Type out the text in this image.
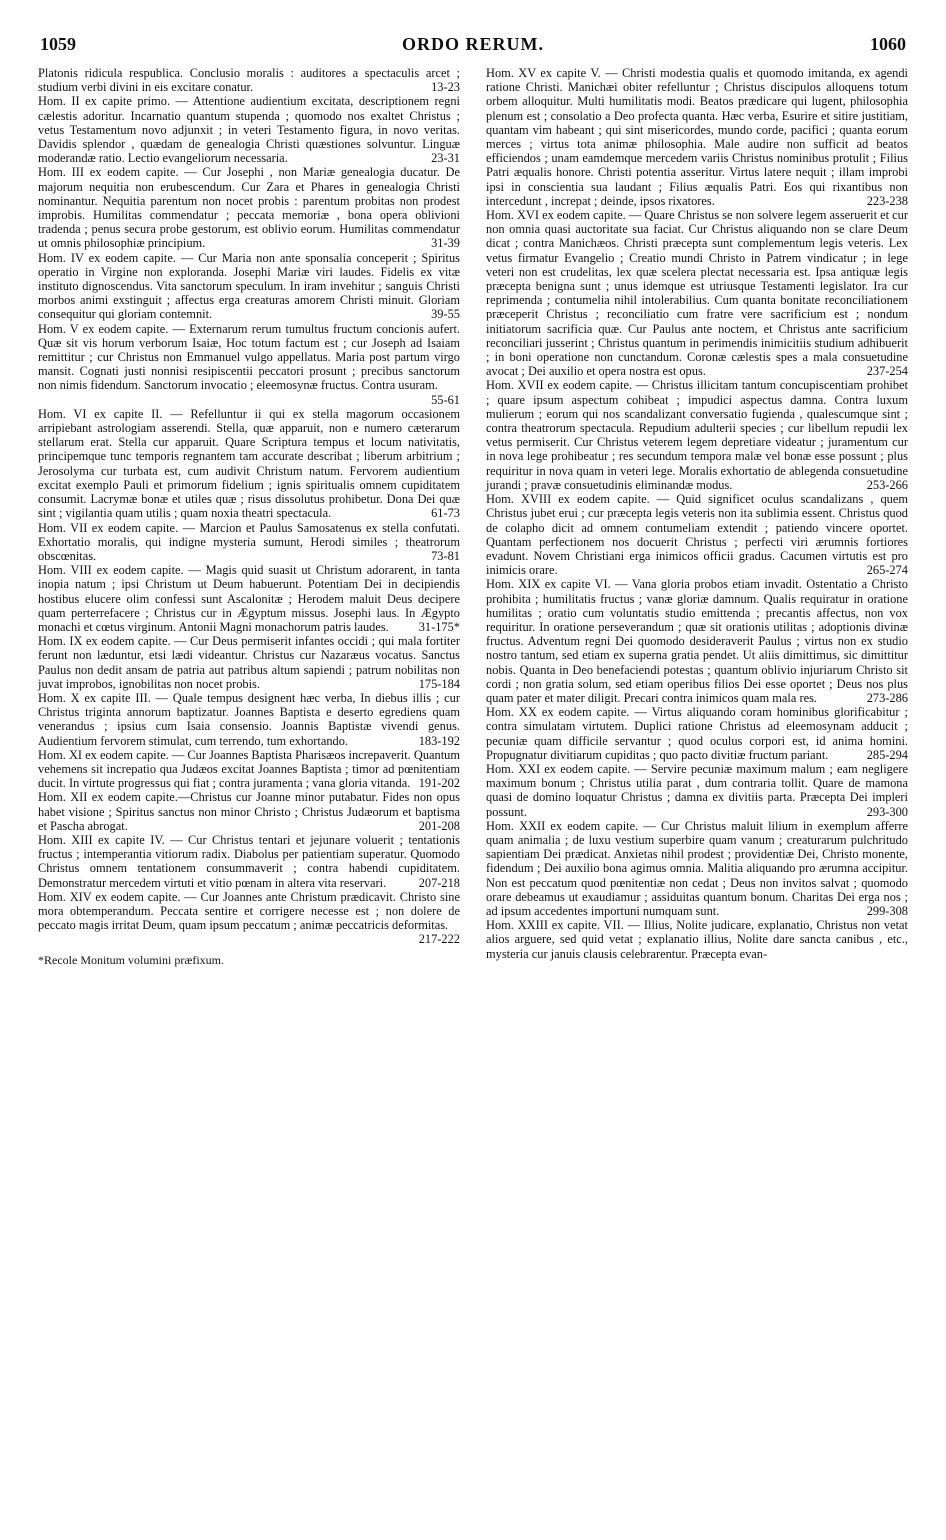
1059	ORDO RERUM.	1060

Platonis ridicula respublica. Conclusio moralis : auditores a spectaculis arcet ; studium verbi divini in eis excitare conatur.	13-23

Hom. II ex capite primo. — Attentione audientium excitata, descriptionem regni cælestis adoritur. Incarnatio quantum stupenda ; quomodo nos exaltet Christus ; vetus Testamentum novo adjunxit ; in veteri Testamento figura, in novo veritas. Davidis splendor , quædam de genealogia Christi quæstiones solvuntur. Linguæ moderandæ ratio. Lectio evangeliorum necessaria.	23-31

Hom. III ex eodem capite. — Cur Josephi , non Mariæ genealogia ducatur. De majorum nequitia non erubescendum. Cur Zara et Phares in genealogia Christi nominantur. Nequitia parentum non nocet probis : parentum probitas non prodest improbis. Humilitas commendatur ; peccata memoriæ , bona opera oblivioni tradenda ; penus secura probe gestorum, est oblivio eorum. Humilitas commendatur ut omnis philosophiæ principium.	31-39

Hom. IV ex eodem capite. — Cur Maria non ante sponsalia conceperit ; Spiritus operatio in Virgine non exploranda. Josephi Mariæ viri laudes. Fidelis ex vitæ instituto dignoscendus. Vita sanctorum speculum. In iram invehitur ; sanguis Christi morbos animi exstinguit ; affectus erga creaturas amorem Christi minuit. Gloriam consequitur qui gloriam contemnit.	39-55

Hom. V ex eodem capite. — Externarum rerum tumultus fructum concionis aufert. Quæ sit vis horum verborum Isaiæ, Hoc totum factum est ; cur Joseph ad Isaiam remittitur ; cur Christus non Emmanuel vulgo appellatus. Maria post partum virgo mansit. Cognati justi nonnisi resipiscentii peccatori prosunt ; precibus sanctorum non nimis fidendum. Sanctorum invocatio ; eleemosynæ fructus. Contra usuram.
55-61

Hom. VI ex capite II. — Refelluntur ii qui ex stella magorum occasionem arripiebant astrologiam asserendi. Stella, quæ apparuit, non e numero cæterarum stellarum erat. Stella cur apparuit. Quare Scriptura tempus et locum nativitatis, principemque tunc temporis regnantem tam accurate describat ; liberum arbitrium ; Jerosolyma cur turbata est, cum audivit Christum natum. Fervorem audientium excitat exemplo Pauli et primorum fidelium ; ignis spiritualis omnem cupiditatem consumit. Lacrymæ bonæ et utiles quæ ; risus dissolutus prohibetur. Dona Dei quæ sint ; vigilantia quam utilis ; quam noxia theatri spectacula.	61-73

Hom. VII ex eodem capite. — Marcion et Paulus Samosatenus ex stella confutati. Exhortatio moralis, qui indigne mysteria sumunt, Herodi similes ; theatrorum obscœnitas.	73-81

Hom. VIII ex eodem capite. — Magis quid suasit ut Christum adorarent, in tanta inopia natum ; ipsi Christum ut Deum habuerunt. Potentiam Dei in decipiendis hostibus elucere olim confessi sunt Ascalonitæ ; Herodem maluit Deus decipere quam perterrefacere ; Christus cur in Ægyptum missus. Josephi laus. In Ægypto monachi et cœtus virginum. Antonii Magni monachorum patris laudes.	31-175*

Hom. IX ex eodem capite. — Cur Deus permiserit infantes occidi ; qui mala fortiter ferunt non læduntur, etsi lædi videantur. Christus cur Nazaræus vocatus. Sanctus Paulus non dedit ansam de patria aut patribus altum sapiendi ; patrum nobilitas non juvat improbos, ignobilitas non nocet probis.	175-184

Hom. X ex capite III. — Quale tempus designent hæc verba, In diebus illis ; cur Christus triginta annorum baptizatur. Joannes Baptista e deserto egrediens quam venerandus ; ipsius cum Isaia consensio. Joannis Baptistæ vivendi genus. Audientium fervorem stimulat, cum terrendo, tum exhortando.	183-192

Hom. XI ex eodem capite. — Cur Joannes Baptista Pharisæos increpaverit. Quantum vehemens sit increpatio qua Judæos excitat Joannes Baptista ; timor ad pœnitentiam ducit. In virtute progressus qui fiat ; contra juramenta ; vana gloria vitanda. 191-202

Hom. XII ex eodem capite.—Christus cur Joanne minor putabatur. Fides non opus habet visione ; Spiritus sanctus non minor Christo ; Christus Judæorum et baptisma et Pascha abrogat.	201-208

Hom. XIII ex capite IV. — Cur Christus tentari et jejunare voluerit ; tentationis fructus ; intemperantia vitiorum radix. Diabolus per patientiam superatur. Quomodo Christus omnem tentationem consummaverit ; contra habendi cupiditatem. Demonstratur mercedem virtuti et vitio pœnam in altera vita reservari.	207-218

Hom. XIV ex eodem capite. — Cur Joannes ante Christum prædicavit. Christo sine mora obtemperandum. Peccata sentire et corrigere necesse est ; non dolere de peccato magis irritat Deum, quam ipsum peccatum ; animæ peccatricis deformitas.
217-222

*Recole Monitum volumini præfixum.

Hom. XV ex capite V. — Christi modestia qualis et quomodo imitanda, ex agendi ratione Christi. Manichæi obiter refelluntur ; Christus discipulos alloquens totum orbem alloquitur. Multi humilitatis modi. Beatos prædicare qui lugent, philosophia plenum est ; consolatio a Deo profecta quanta. Hæc verba, Esurire et sitire justitiam, quantam vim habeant ; qui sint misericordes, mundo corde, pacifici ; quanta eorum merces ; virtus tota animæ philosophia. Male audire non sufficit ad beatos efficiendos ; unam eamdemque mercedem variis Christus nominibus protulit ; Filius Patri æqualis honore. Christi potentia asseritur. Virtus latere nequit ; illam improbi ipsi in conscientia sua laudant ; Filius æqualis Patri. Eos qui rixantibus non intercedunt , increpat ; deinde, ipsos rixatores.	223-238

Hom. XVI ex eodem capite. — Quare Christus se non solvere legem asseruerit et cur non omnia quasi auctoritate sua faciat. Cur Christus aliquando non se clare Deum dicat ; contra Manichæos. Christi præcepta sunt complementum legis veteris. Lex vetus firmatur Evangelio ; Creatio mundi Christo in Patrem vindicatur ; in lege veteri non est crudelitas, lex quæ scelera plectat necessaria est. Ipsa antiquæ legis præcepta benigna sunt ; unus idemque est utriusque Testamenti legislator. Ira cur reprimenda ; contumelia nihil intolerabilius. Cum quanta bonitate reconciliationem præceperit Christus ; reconciliatio cum fratre vere sacrificium est ; nondum initiatorum sacrificia quæ. Cur Paulus ante noctem, et Christus ante sacrificium reconciliari jusserint ; Christus quantum in perimendis inimicitiis studium adhibuerit ; in boni operatione non cunctandum. Coronæ cælestis spes a mala consuetudine avocat ; Dei auxilio et opera nostra est opus.	237-254

Hom. XVII ex eodem capite. — Christus illicitam tantum concupiscentiam prohibet ; quare ipsum aspectum cohibeat ; impudici aspectus damna. Contra luxum mulierum ; eorum qui nos scandalizant conversatio fugienda , qualescumque sint ; contra theatrorum spectacula. Repudium adulterii species ; cur libellum repudii lex vetus permiserit. Cur Christus veterem legem depretiare videatur ; juramentum cur in nova lege prohibeatur ; res secundum tempora malæ vel bonæ esse possunt ; plus requiritur in nova quam in veteri lege. Moralis exhortatio de ablegenda consuetudine jurandi ; pravæ consuetudinis eliminandæ modus.	253-266

Hom. XVIII ex eodem capite. — Quid significet oculus scandalizans , quem Christus jubet erui ; cur præcepta legis veteris non ita sublimia essent. Christus quod de colapho dicit ad omnem contumeliam extendit ; patiendo vincere oportet. Quantam perfectionem nos docuerit Christus ; perfecti viri ærumnis fortiores evadunt. Novem Christiani erga inimicos officii gradus. Cacumen virtutis est pro inimicis orare.	265-274

Hom. XIX ex capite VI. — Vana gloria probos etiam invadit. Ostentatio a Christo prohibita ; humilitatis fructus ; vanæ gloriæ damnum. Qualis requiratur in oratione humilitas ; oratio cum voluntatis studio emittenda ; precantis affectus, non vox requiritur. In oratione perseverandum ; quæ sit orationis utilitas ; adoptionis divinæ fructus. Adventum regni Dei quomodo desideraverit Paulus ; virtus non ex studio nostro tantum, sed etiam ex superna gratia pendet. Ut aliis dimittimus, sic dimittitur nobis. Quanta in Deo benefaciendi potestas ; quantum oblivio injuriarum Christo sit cordi ; non gratia solum, sed etiam operibus filios Dei esse oportet ; Deus nos plus quam pater et mater diligit. Precari contra inimicos quam mala res.	273-286

Hom. XX ex eodem capite. — Virtus aliquando coram hominibus glorificabitur ; contra simulatam virtutem. Duplici ratione Christus ad eleemosynam adducit ; pecuniæ quam difficile servantur ; quod oculus corpori est, id anima homini. Propugnatur divitiarum cupiditas ; quo pacto divitiæ fructum pariant.	285-294

Hom. XXI ex eodem capite. — Servire pecuniæ maximum malum ; eam negligere maximum bonum ; Christus utilia parat , dum contraria tollit. Quare de mamona quasi de domino loquatur Christus ; damna ex divitiis parta. Præcepta Dei impleri possunt.	293-300

Hom. XXII ex eodem capite. — Cur Christus maluit lilium in exemplum afferre quam animalia ; de luxu vestium superbire quam vanum ; creaturarum pulchritudo sapientiam Dei prædicat. Anxietas nihil prodest ; providentiæ Dei, Christo monente, fidendum ; Dei auxilio bona agimus omnia. Malitia aliquando pro ærumna accipitur. Non est peccatum quod pœnitentiæ non cedat ; Deus non invitos salvat ; quomodo orare debeamus ut exaudiamur ; assiduitas quantum bonum. Charitas Dei erga nos ; ad ipsum accedentes importuni numquam sunt.	299-308

Hom. XXIII ex capite. VII. — Illius, Nolite judicare, explanatio, Christus non vetat alios arguere, sed quid vetat ; explanatio illius, Nolite dare sancta canibus , etc., mysteria cur januis clausis celebrarentur. Præcepta evan-
